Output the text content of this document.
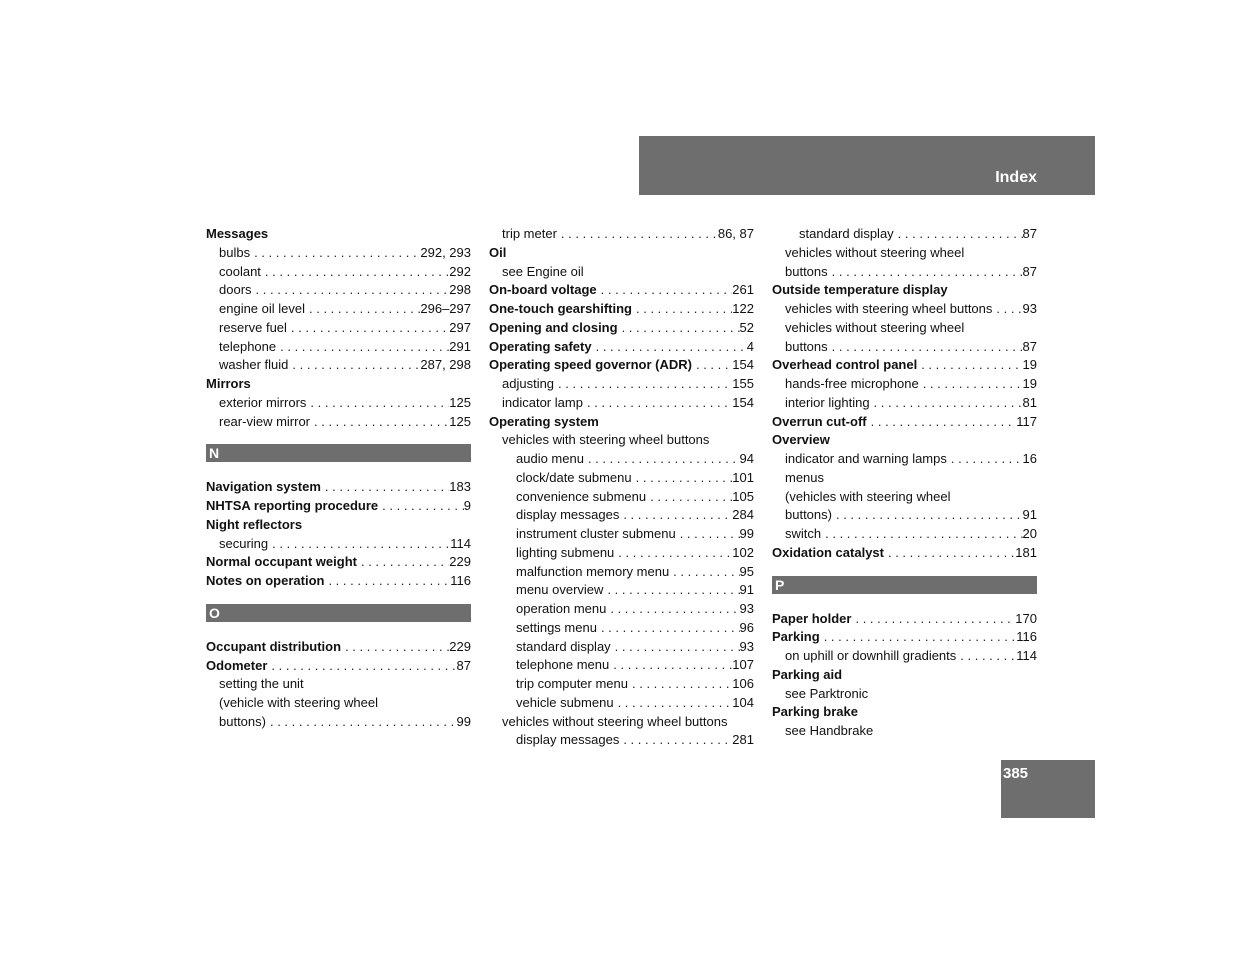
Index
Messages
bulbs . . .	292, 293
coolant . . .	292
doors . . .	298
engine oil level . . .	296–297
reserve fuel . . .	297
telephone . . .	291
washer fluid . . .	287, 298
Mirrors
exterior mirrors . . .	125
rear-view mirror . . .	125
N
Navigation system . . .	183
NHTSA reporting procedure . . .	9
Night reflectors
securing . . .	114
Normal occupant weight . . .	229
Notes on operation . . .	116
O
Occupant distribution . . .	229
Odometer . . .	87
setting the unit
(vehicle with steering wheel
buttons) . . .	99
trip meter . . .	86, 87
Oil
see Engine oil
On-board voltage . . .	261
One-touch gearshifting . . .	122
Opening and closing . . .	52
Operating safety . . .	4
Operating speed governor (ADR) . . .	154
adjusting . . .	155
indicator lamp . . .	154
Operating system
vehicles with steering wheel buttons
audio menu . . .	94
clock/date submenu . . .	101
convenience submenu . . .	105
display messages . . .	284
instrument cluster submenu . . .	99
lighting submenu . . .	102
malfunction memory menu . . .	95
menu overview . . .	91
operation menu . . .	93
settings menu . . .	96
standard display . . .	93
telephone menu . . .	107
trip computer menu . . .	106
vehicle submenu . . .	104
vehicles without steering wheel buttons
display messages . . .	281
standard display . . .	87
vehicles without steering wheel
buttons . . .	87
Outside temperature display
vehicles with steering wheel buttons . . . 93
vehicles without steering wheel
buttons . . .	87
Overhead control panel . . .	19
hands-free microphone . . .	19
interior lighting . . .	81
Overrun cut-off . . .	117
Overview
indicator and warning lamps . . .	16
menus
(vehicles with steering wheel
buttons) . . .	91
switch . . .	20
Oxidation catalyst . . .	181
P
Paper holder . . .	170
Parking . . .	116
on uphill or downhill gradients . . .	114
Parking aid
see Parktronic
Parking brake
see Handbrake
385
